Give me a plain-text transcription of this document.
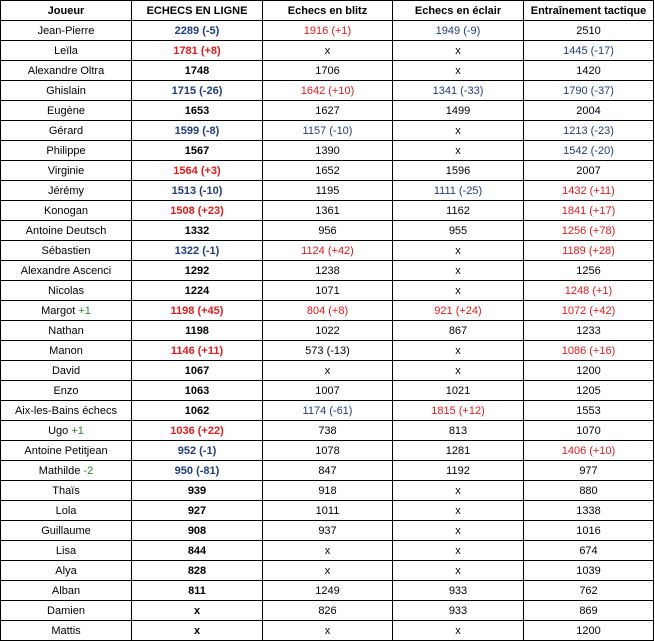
Joueur	ECHECS EN LIGNE	Echecs en blitz	Echecs en éclair	Entraînement tactique
Jean-Pierre	2289 (-5)	1916 (+1)	1949 (-9)	2510
Leïla	1781 (+8)	x	x	1445 (-17)
Alexandre Oltra	1748	1706	x	1420
Ghislain	1715 (-26)	1642 (+10)	1341 (-33)	1790 (-37)
Eugène	1653	1627	1499	2004
Gérard	1599 (-8)	1157 (-10)	x	1213 (-23)
Philippe	1567	1390	x	1542 (-20)
Virginie	1564 (+3)	1652	1596	2007
Jérémy	1513 (-10)	1195	1111 (-25)	1432 (+11)
Konogan	1508 (+23)	1361	1162	1841 (+17)
Antoine Deutsch	1332	956	955	1256 (+78)
Sébastien	1322 (-1)	1124 (+42)	x	1189 (+28)
Alexandre Ascenci	1292	1238	x	1256
Nicolas	1224	1071	x	1248 (+1)
Margot +1	1198 (+45)	804 (+8)	921 (+24)	1072 (+42)
Nathan	1198	1022	867	1233
Manon	1146 (+11)	573 (-13)	x	1086 (+16)
David	1067	x	x	1200
Enzo	1063	1007	1021	1205
Aix-les-Bains échecs	1062	1174 (-61)	1815 (+12)	1553
Ugo +1	1036 (+22)	738	813	1070
Antoine Petitjean	952 (-1)	1078	1281	1406 (+10)
Mathilde -2	950 (-81)	847	1192	977
Thaïs	939	918	x	880
Lola	927	1011	x	1338
Guillaume	908	937	x	1016
Lisa	844	x	x	674
Alya	828	x	x	1039
Alban	811	1249	933	762
Damien	x	826	933	869
Mattis	x	x	x	1200
